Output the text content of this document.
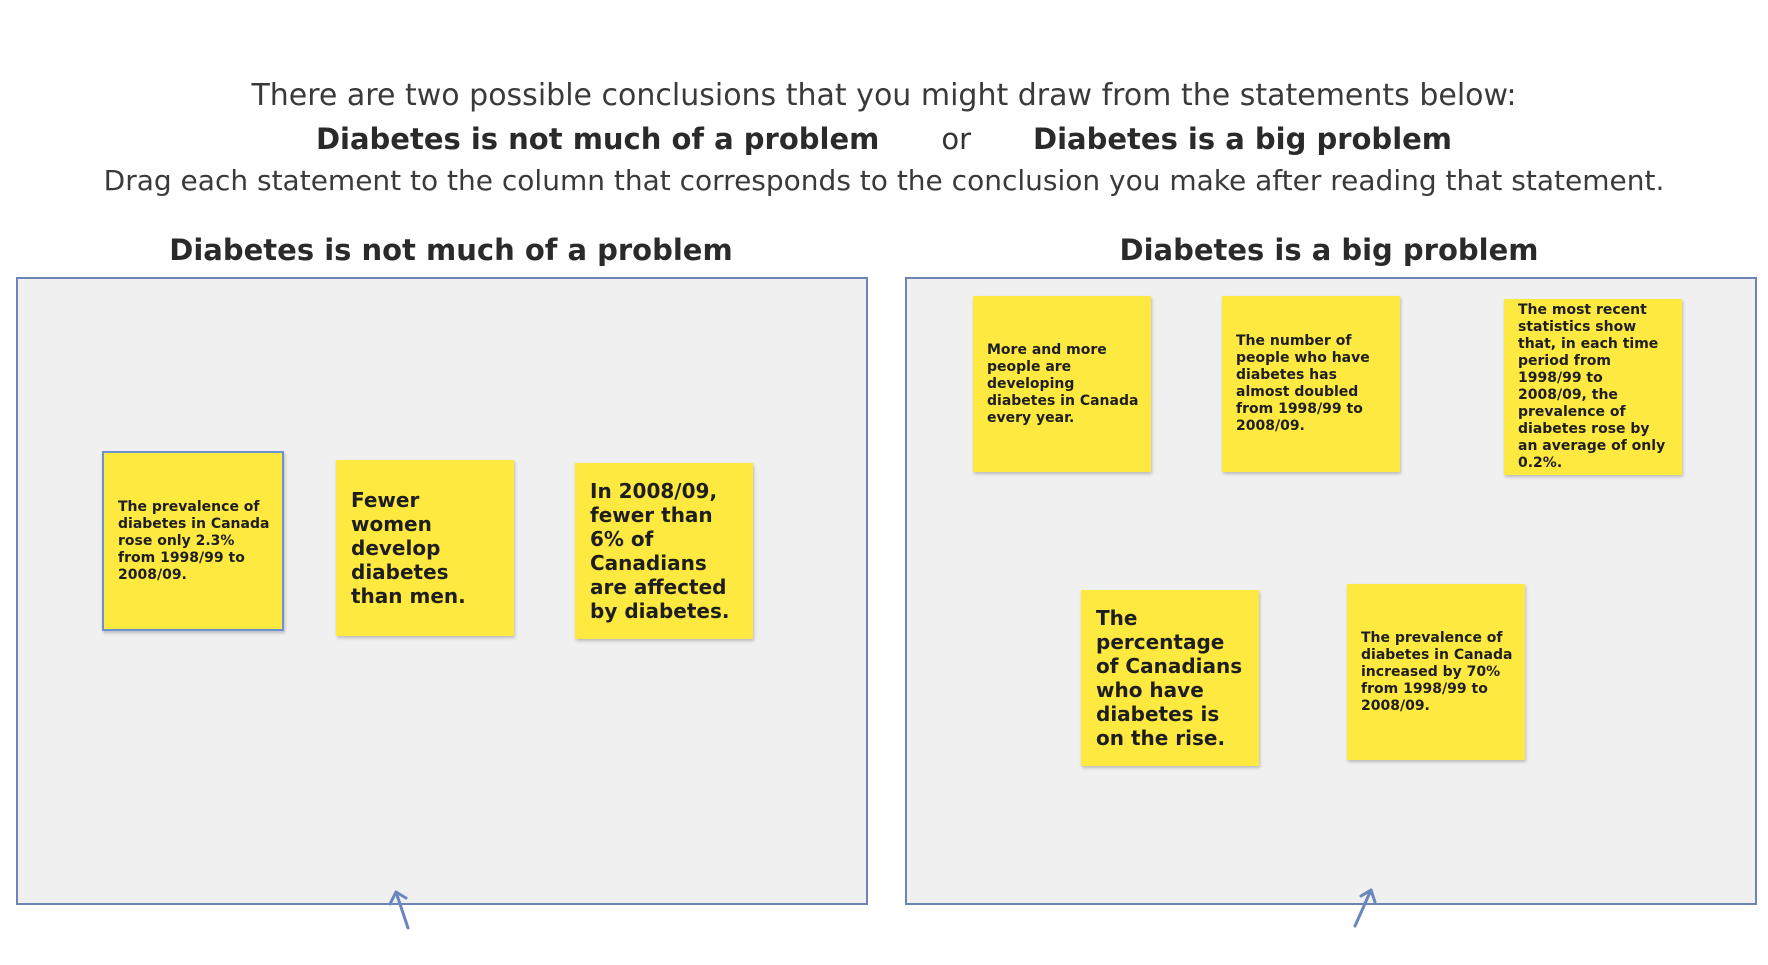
There are two possible conclusions that you might draw from the statements below:
Diabetes is not much of a problem or Diabetes is a big problem
Drag each statement to the column that corresponds to the conclusion you make after reading that statement.
Diabetes is not much of a problem	Diabetes is a big problem
The prevalence of diabetes in Canada rose only 2.3% from 1998/99 to 2008/09.
Fewer women develop diabetes than men.
In 2008/09, fewer than 6% of Canadians are affected by diabetes.
More and more people are developing diabetes in Canada every year.
The number of people who have diabetes has almost doubled from 1998/99 to 2008/09.
The most recent statistics show that, in each time period from 1998/99 to 2008/09, the prevalence of diabetes rose by an average of only 0.2%.
The percentage of Canadians who have diabetes is on the rise.
The prevalence of diabetes in Canada increased by 70% from 1998/99 to 2008/09.
